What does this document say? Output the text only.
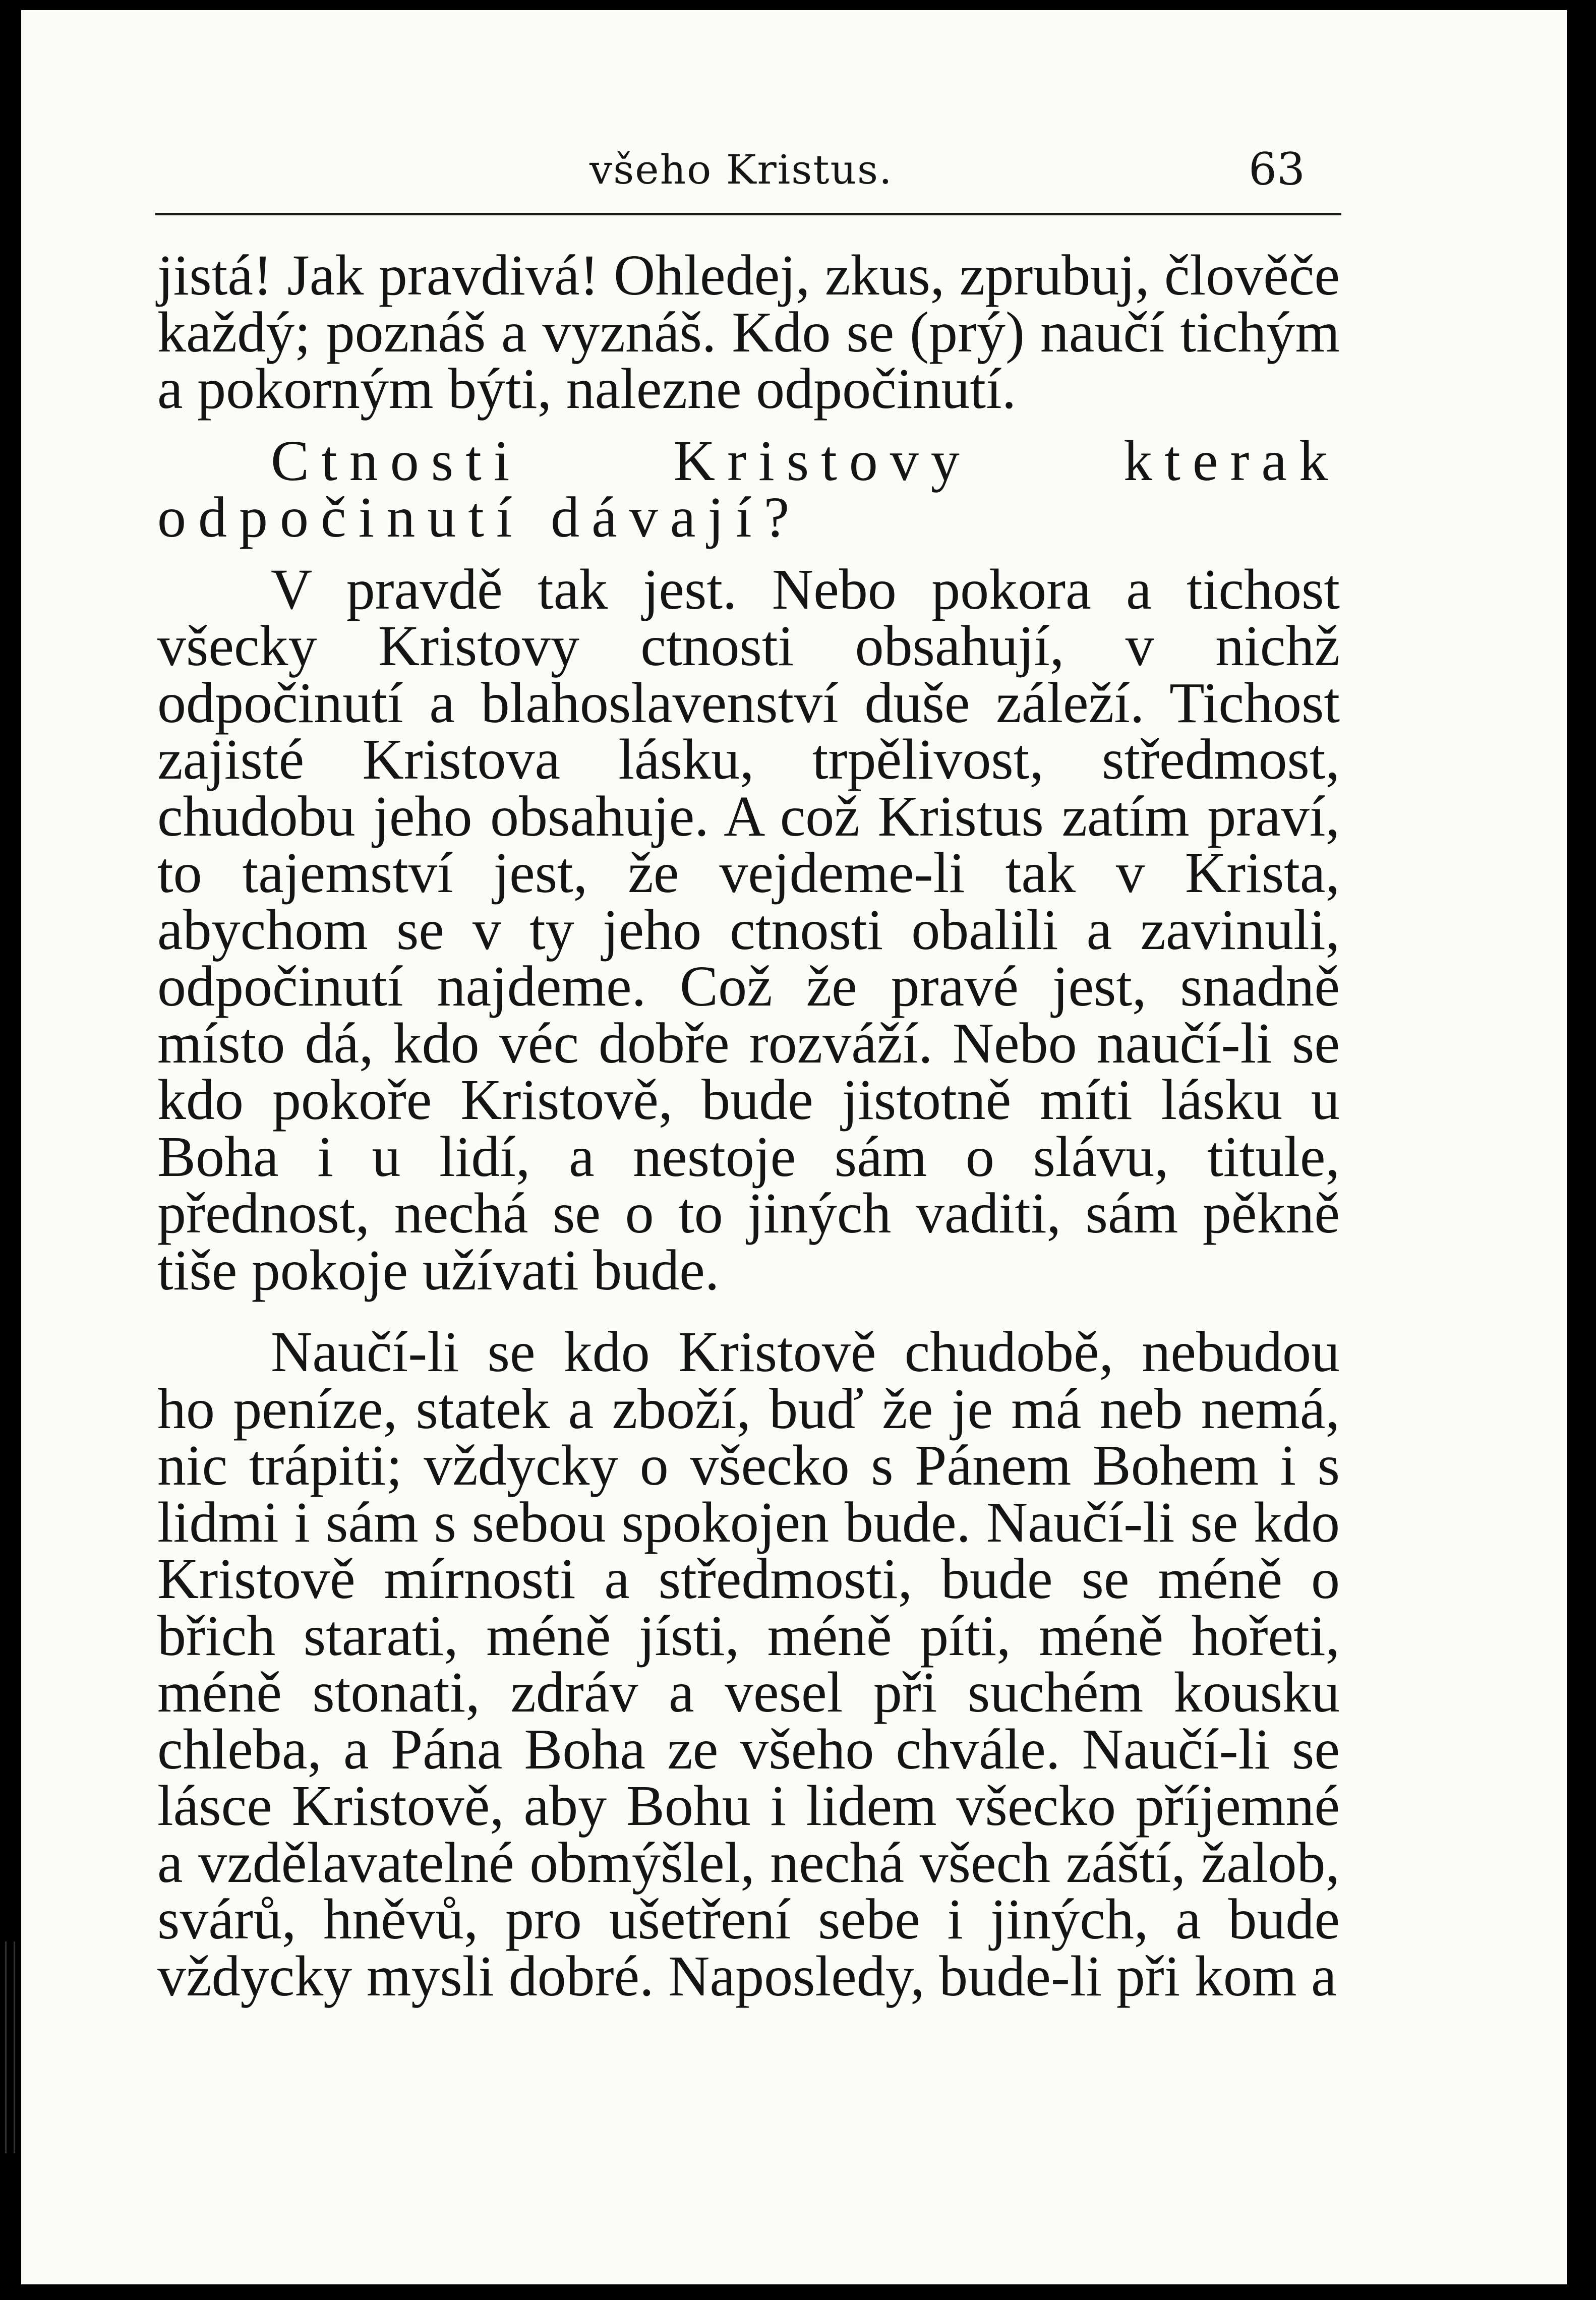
všeho Kristus.	63

jistá! Jak pravdivá! Ohledej, zkus, zprubuj, člověče každý; poznáš a vyznáš. Kdo se (prý) naučí tichým a pokorným býti, nalezne odpočinutí.

Ctnosti Kristovy kterak odpočinutí dávají?

V pravdě tak jest. Nebo pokora a tichost všecky Kristovy ctnosti obsahují, v nichž odpočinutí a blahoslavenství duše záleží. Tichost zajisté Kristova lásku, trpělivost, středmost, chudobu jeho obsahuje. A což Kristus zatím praví, to tajemství jest, že vejdeme-li tak v Krista, abychom se v ty jeho ctnosti obalili a zavinuli, odpočinutí najdeme. Což že pravé jest, snadně místo dá, kdo véc dobře rozváží. Nebo naučí-li se kdo pokoře Kristově, bude jistotně míti lásku u Boha i u lidí, a nestoje sám o slávu, titule, přednost, nechá se o to jiných vaditi, sám pěkně tiše pokoje užívati bude.

Naučí-li se kdo Kristově chudobě, nebudou ho peníze, statek a zboží, buď že je má neb nemá, nic trápiti; vždycky o všecko s Pánem Bohem i s lidmi i sám s sebou spokojen bude. Naučí-li se kdo Kristově mírnosti a středmosti, bude se méně o břich starati, méně jísti, méně píti, méně hořeti, méně stonati, zdráv a vesel při suchém kousku chleba, a Pána Boha ze všeho chvále. Naučí-li se lásce Kristově, aby Bohu i lidem všecko příjemné a vzdělavatelné obmýšlel, nechá všech záští, žalob, svárů, hněvů, pro ušetření sebe i jiných, a bude vždycky mysli dobré. Naposledy, bude-li při kom a
